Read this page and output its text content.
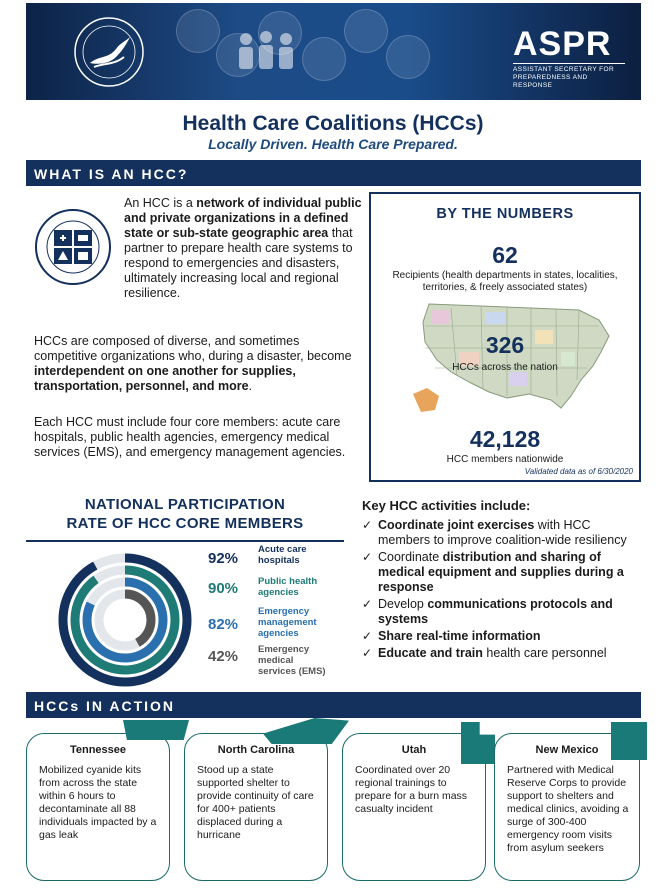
ASPR
ASSISTANT SECRETARY FOR PREPAREDNESS AND RESPONSE
Health Care Coalitions (HCCs)
Locally Driven. Health Care Prepared.
WHAT IS AN HCC?
An HCC is a network of individual public and private organizations in a defined state or sub-state geographic area that partner to prepare health care systems to respond to emergencies and disasters, ultimately increasing local and regional resilience.
HCCs are composed of diverse, and sometimes competitive organizations who, during a disaster, become interdependent on one another for supplies, transportation, personnel, and more.
Each HCC must include four core members: acute care hospitals, public health agencies, emergency medical services (EMS), and emergency management agencies.
BY THE NUMBERS
62
Recipients (health departments in states, localities, territories, & freely associated states)
326
HCCs across the nation
42,128
HCC members nationwide
Validated data as of 6/30/2020
NATIONAL PARTICIPATION
RATE OF HCC CORE MEMBERS
92%
Acute care
hospitals
90% Public health
agencies
82%
Emergency
management
agencies
42% Emergency
medical
services (EMS)
Key HCC activities include:
✓ Coordinate joint exercises with HCC members to improve coalition-wide resiliency
✓ Coordinate distribution and sharing of medical equipment and supplies during a response
✓ Develop communications protocols and systems
✓ Share real-time information
✓ Educate and train health care personnel
HCCs IN ACTION
Tennessee
Mobilized cyanide kits from across the state within 6 hours to decontaminate all 88 individuals impacted by a gas leak
North Carolina
Stood up a state supported shelter to provide continuity of care for 400+ patients displaced during a hurricane
Utah
Coordinated over 20 regional trainings to prepare for a burn mass casualty incident
New Mexico
Partnered with Medical Reserve Corps to provide support to shelters and medical clinics, avoiding a surge of 300-400 emergency room visits from asylum seekers
